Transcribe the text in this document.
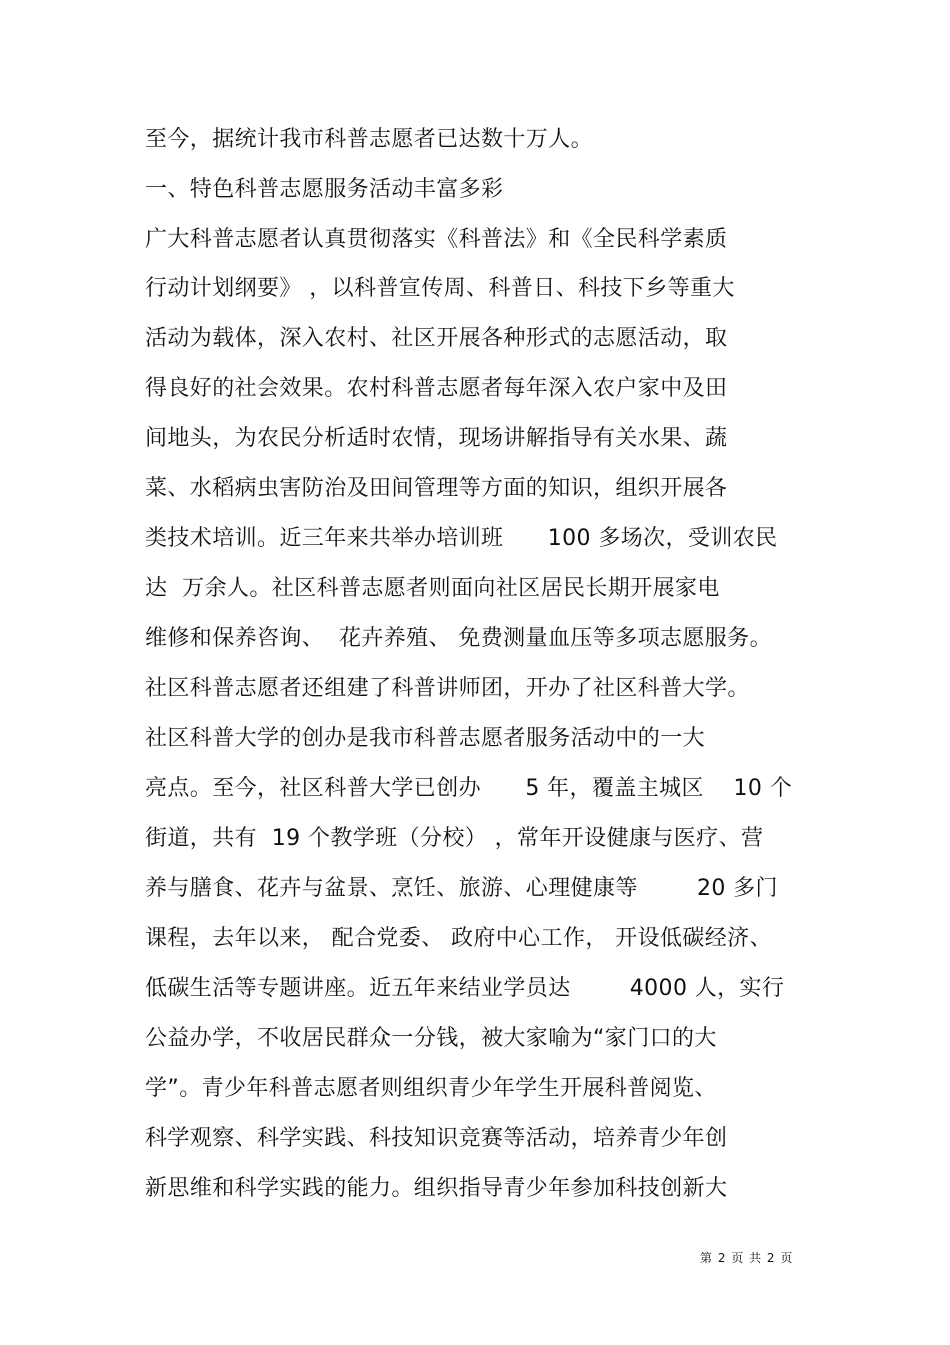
至今，据统计我市科普志愿者已达数十万人。
一、特色科普志愿服务活动丰富多彩
广大科普志愿者认真贯彻落实《科普法》和《全民科学素质
行动计划纲要》 ，以科普宣传周、科普日、科技下乡等重大
活动为载体，深入农村、社区开展各种形式的志愿活动，取
得良好的社会效果。农村科普志愿者每年深入农户家中及田
间地头，为农民分析适时农情，现场讲解指导有关水果、蔬
菜、水稻病虫害防治及田间管理等方面的知识，组织开展各
类技术培训。近三年来共举办培训班      100 多场次，受训农民
达  万余人。社区科普志愿者则面向社区居民长期开展家电
维修和保养咨询、  花卉养殖、 免费测量血压等多项志愿服务。
社区科普志愿者还组建了科普讲师团，开办了社区科普大学。
社区科普大学的创办是我市科普志愿者服务活动中的一大
亮点。至今，社区科普大学已创办      5 年，覆盖主城区    10 个
街道，共有  19 个教学班（分校） ，常年开设健康与医疗、营
养与膳食、花卉与盆景、烹饪、旅游、心理健康等        20 多门
课程，去年以来， 配合党委、 政府中心工作， 开设低碳经济、
低碳生活等专题讲座。近五年来结业学员达        4000 人，实行
公益办学，不收居民群众一分钱，被大家喻为“家门口的大
学”。青少年科普志愿者则组织青少年学生开展科普阅览、
科学观察、科学实践、科技知识竞赛等活动，培养青少年创
新思维和科学实践的能力。组织指导青少年参加科技创新大
第 2 页 共 2 页
